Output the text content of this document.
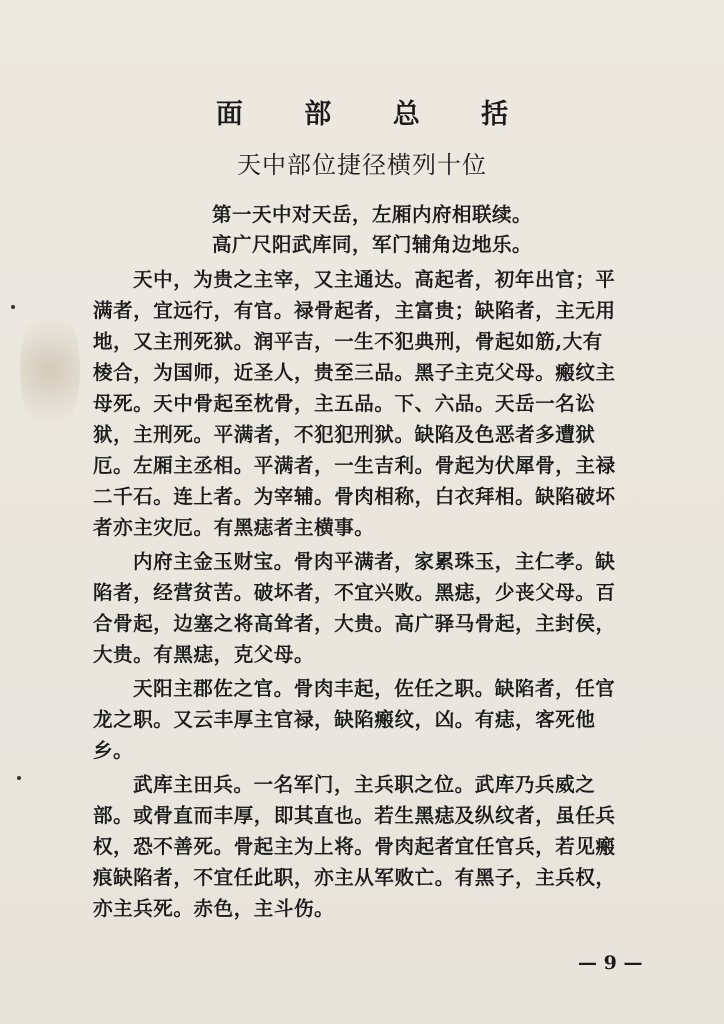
面 部 总 括
天中部位捷径横列十位
第一天中对天岳，左厢内府相联续。
高广尺阳武库同，军门辅角边地乐。
天中，为贵之主宰，又主通达。高起者，初年出官；平
满者，宜远行，有官。禄骨起者，主富贵；缺陷者，主无用
地，又主刑死狱。润平吉，一生不犯典刑，骨起如筋,大有
棱合，为国师，近圣人，贵至三品。黑子主克父母。瘢纹主
母死。天中骨起至枕骨，主五品。下、六品。天岳一名讼
狱，主刑死。平满者，不犯犯刑狱。缺陷及色恶者多遭狱
厄。左厢主丞相。平满者，一生吉利。骨起为伏犀骨，主禄
二千石。连上者。为宰辅。骨肉相称，白衣拜相。缺陷破坏
者亦主灾厄。有黑痣者主横事。
内府主金玉财宝。骨肉平满者，家累珠玉，主仁孝。缺
陷者，经营贫苦。破坏者，不宜兴败。黑痣，少丧父母。百
合骨起，边塞之将高耸者，大贵。高广驿马骨起，主封侯，
大贵。有黑痣，克父母。
天阳主郡佐之官。骨肉丰起，佐任之职。缺陷者，任官
龙之职。又云丰厚主官禄，缺陷瘢纹，凶。有痣，客死他
乡。
武库主田兵。一名军门，主兵职之位。武库乃兵威之
部。或骨直而丰厚，即其直也。若生黑痣及纵纹者，虽任兵
权，恐不善死。骨起主为上将。骨肉起者宜任官兵，若见瘢
痕缺陷者，不宜任此职，亦主从军败亡。有黑子，主兵权，
亦主兵死。赤色，主斗伤。
— 9 —
